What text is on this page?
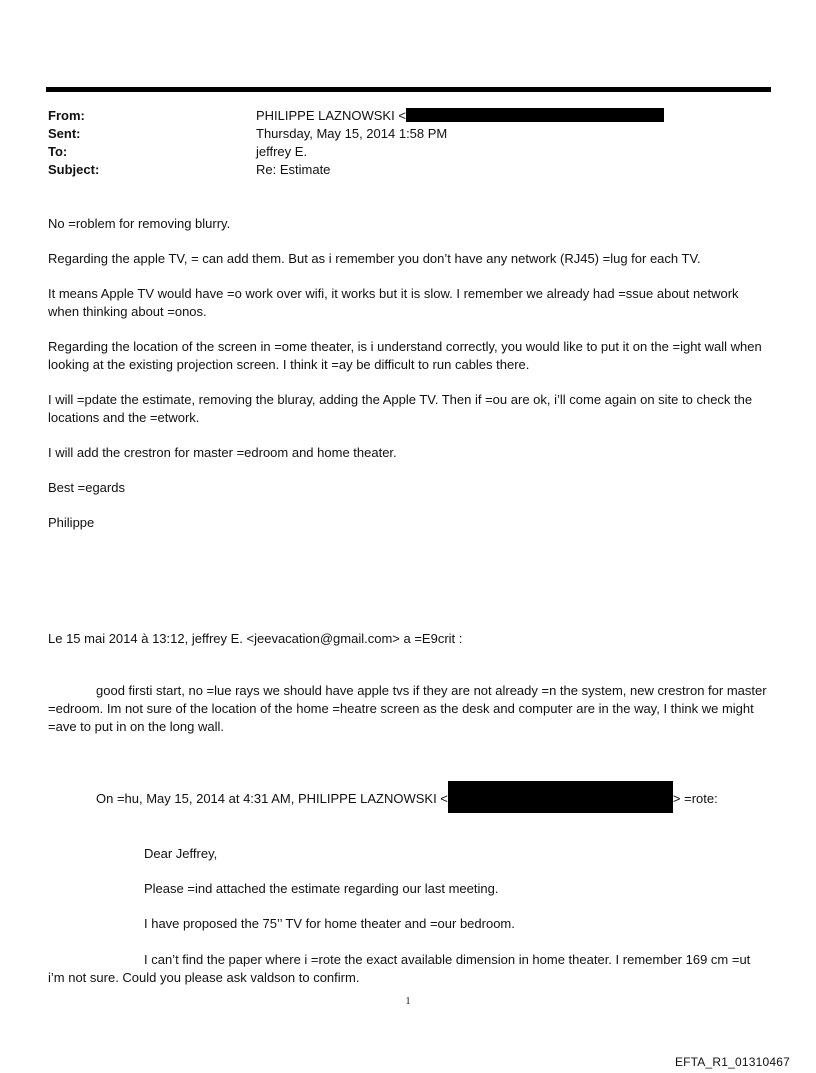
From:	PHILIPPE LAZNOWSKI <
Sent:	Thursday, May 15, 2014 1:58 PM
To:	jeffrey E.
Subject:	Re: Estimate

No =roblem for removing blurry.

Regarding the apple TV, = can add them. But as i remember you don’t have any network (RJ45) =lug for each TV.

It means Apple TV would have =o work over wifi, it works but it is slow. I remember we already had =ssue about network when thinking about =onos.

Regarding the location of the screen in =ome theater, is i understand correctly, you would like to put it on the =ight wall when looking at the existing projection screen. I think it =ay be difficult to run cables there.

I will =pdate the estimate, removing the bluray, adding the Apple TV. Then if =ou are ok, i’ll come again on site to check the locations and the =etwork.

I will add the crestron for master =edroom and home theater.

Best =egards

Philippe

Le 15 mai 2014 à 13:12, jeffrey E. <jeevacation@gmail.com> a =E9crit :

good firsti start, no =lue rays we should have apple tvs if they are not already =n the system, new crestron for master =edroom. Im not sure of the location of the home =heatre screen as the desk and computer are in the way, I think we might =ave to put in on the long wall.

On =hu, May 15, 2014 at 4:31 AM, PHILIPPE LAZNOWSKI <	> =rote:

Dear Jeffrey,

Please =ind attached the estimate regarding our last meeting.

I have proposed the 75’’ TV for home theater and =our bedroom.

I can’t find the paper where i =rote the exact available dimension in home theater. I remember 169 cm =ut i’m not sure. Could you please ask valdson to confirm.

1
EFTA_R1_01310467
